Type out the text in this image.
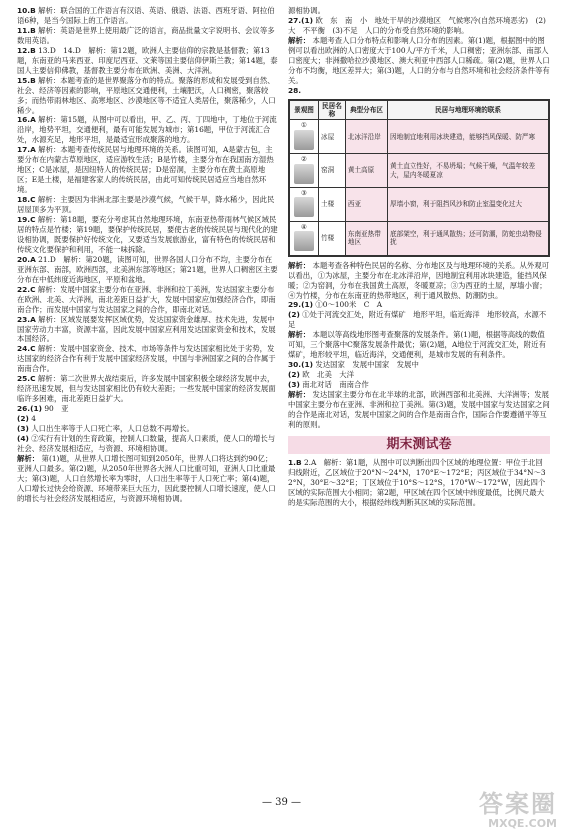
10.B 解析：联合国的工作语言有汉语、英语、俄语、法语、西班牙语、阿拉伯语6种，是当今国际上的工作语言。
11.B 解析：英语是世界上使用最广泛的语言，商品批量文字说明书、会议等多数用英语。
12.B 13.D　14.D　解析：第12题，欧洲人主要信仰的宗教是基督教；第13题，东南亚的马来西亚、印度尼西亚、文莱等国主要信仰伊斯兰教；第14题，泰国人主要信仰佛教，基督教主要分布在欧洲、美洲、大洋洲。
15.B 解析：本题考查的是世界聚落分布的特点。聚落的形成和发展受到自然、社会、经济等因素的影响，平原地区交通便利，土壤肥沃，人口稠密，聚落较多；而热带雨林地区、高寒地区、沙漠地区等不适宜人类居住，聚落稀少，人口稀少。
16.A 解析：第15题，从图中可以看出，甲、乙、丙、丁四地中，丁地位于河流沿岸，地势平坦，交通便利，最有可能发展为城市；第16题，甲位于河流汇合处，水源充足，地形平坦，是最适宜形成聚落的地方。
17.A 解析：本题考查传统民居与地理环境的关系。读图可知，A是蒙古包，主要分布在内蒙古草原地区，适应游牧生活；B是竹楼，主要分布在我国南方湿热地区；C是冰屋，是因纽特人的传统民居；D是窑洞，主要分布在黄土高原地区；E是土楼，是福建客家人的传统民居，由此可知传统民居适应当地自然环境。
18.C 解析：主要因为非洲北部主要是沙漠气候，气候干旱，降水稀少，因此民居屋顶多为平顶。
19.C 解析：第18题，要充分考虑其自然地理环境，东南亚热带雨林气候区域民居的特点是竹楼；第19题，要保护传统民居，要使古老的传统民居与现代化的建设相协调，既要保护好传统文化，又要适当发展旅游业，富有特色的传统民居和传统文化要保护和利用，不能一味拆除。
20.A 21.D　解析：第20题，读图可知，世界各国人口分布不均，主要分布在亚洲东部、南部，欧洲西部，北美洲东部等地区；第21题，世界人口稠密区主要分布在中低纬度近海地区，平原和盆地。
22.C 解析：发展中国家主要分布在亚洲、非洲和拉丁美洲，发达国家主要分布在欧洲、北美、大洋洲，南北差距日益扩大，发展中国家应加强经济合作，即南南合作；而发展中国家与发达国家之间的合作，即南北对话。
23.A 解析：区域发展要发挥区域优势，发达国家资金雄厚、技术先进，发展中国家劳动力丰富，资源丰富，因此发展中国家应利用发达国家资金和技术，发展本国经济。
24.C 解析：发展中国家资金、技术、市场等条件与发达国家相比处于劣势，发达国家的经济合作有利于发展中国家经济发展，中国与非洲国家之间的合作属于南南合作。
25.C 解析：第二次世界大战结束后，许多发展中国家积极全球经济发展中去，经济迅速发展，但与发达国家相比仍有较大差距；一些发展中国家的经济发展面临许多困难，南北差距日益扩大。
26.(1) 90　亚
(2) 4
(3) 人口出生率等于人口死亡率，人口总数不再增长。
(4) ②实行有计划的生育政策，控制人口数量，提高人口素质，使人口的增长与社会、经济发展相适应，与资源、环境相协调。
解析： 第(1)题，从世界人口增长图可知到2050年，世界人口将达到约90亿；亚洲人口最多。第(2)题，从2050年世界各大洲人口比重可知，亚洲人口比重最大；第(3)题，人口自然增长率为零时，人口出生率等于人口死亡率；第(4)题，人口增长过快会给资源、环境带来巨大压力，因此要控制人口增长速度，使人口的增长与社会经济发展相适应，与资源环境相协调。
源相协调。
27.(1) 欧　东　南　小　地处干旱的沙漠地区　气候寒冷(自然环境恶劣)　(2)大　不平衡　(3)不足　人口的分布受自然环境的影响。
解析： 本题考查人口分布特点和影响人口分布的因素。第(1)题，根据图中的图例可以看出欧洲的人口密度大于100人/平方千米，人口稠密；亚洲东部、南部人口密度大；非洲撒哈拉沙漠地区、澳大利亚中西部人口稀疏。第(2)题，世界人口分布不均衡，地区差异大；第(3)题，人口的分布与自然环境和社会经济条件等有关。
28.
景观图	民居名称	典型分布区	民居与地理环境的联系

①	冰屋	北冰洋沿岸	因地制宜地利用冰块建造，能够挡风保暖、防严寒

②	窑洞	黄土高原	黄土直立性好，不易坍塌；气候干燥，气温年较差大，屋内冬暖夏凉

③	土楼	西亚	厚墙小窗，利于阻挡风沙和防止室温变化过大

④	竹楼	东南亚热带地区	底部架空，利于通风散热；还可防潮，防蛇虫动物侵扰
解析： 本题考查各种特色民居的名称、分布地区及与地理环境的关系。从外观可以看出，①为冰屋，主要分布在北冰洋沿岸，因地制宜利用冰块建造，能挡风保暖；②为窑洞，分布在我国黄土高原，冬暖夏凉；③为西亚的土屋，厚墙小窗；④为竹楼，分布在东南亚的热带地区，利于通风散热、防潮防虫。
29.(1) ①0～100米　C　A
(2) ①处于河流交汇处，附近有煤矿　地形平坦，临近海洋　地形较高，水源不足
解析： 本题以等高线地形图考查聚落的发展条件。第(1)题，根据等高线的数值可知，三个聚落中C聚落发展条件最优；第(2)题，A地位于河流交汇处，附近有煤矿，地形较平坦，临近海洋，交通便利，是城市发展的有利条件。
30.(1) 发达国家　发展中国家　发展中
(2) 欧　北美　大洋
(3) 南北对话　南南合作
解析： 发达国家主要分布在北半球的北部，欧洲西部和北美洲、大洋洲等；发展中国家主要分布在亚洲、非洲和拉丁美洲。第(3)题，发展中国家与发达国家之间的合作是南北对话，发展中国家之间的合作是南南合作，国际合作要遵循平等互利的原则。
期末测试卷
1.B 2.A　解析：第1题，从图中可以判断出四个区域的地理位置：甲位于北回归线附近，乙区域位于20°N～24°N，170°E～172°E；丙区域位于34°N～32°N，30°E～32°E；丁区域位于10°S～12°S，170°W～172°W，因此四个区域的实际范围大小相同；第2题，甲区域在四个区域中纬度最低，比例尺最大的是实际范围的大小，根据经纬线判断其区域的实际范围。
— 39 —	答案圈
MXQE.COM
